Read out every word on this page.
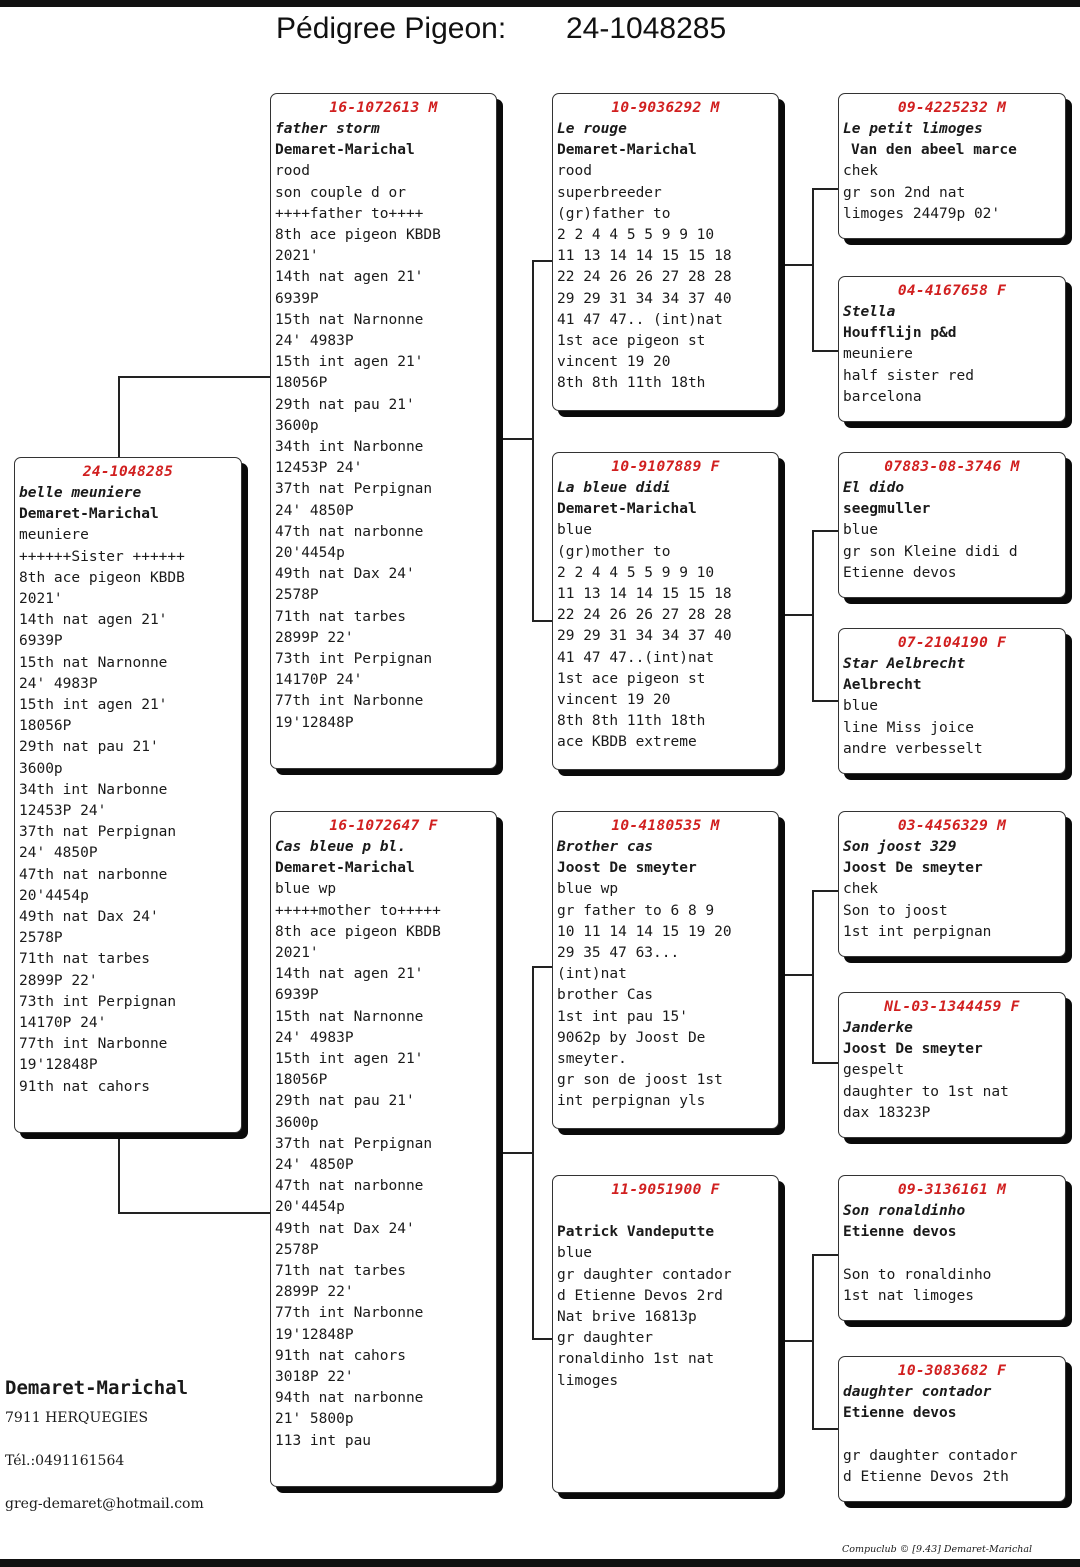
Pédigree Pigeon: 24-1048285
24-1048285
belle meuniere
Demaret-Marichal
meuniere
++++++Sister ++++++
8th ace pigeon KBDB
2021'
14th nat agen 21'
6939P
15th nat Narnonne
24' 4983P
15th int agen 21'
18056P
29th nat pau 21'
3600p
34th int Narbonne
12453P 24'
37th nat Perpignan
24' 4850P
47th nat narbonne
20'4454p
49th nat Dax 24'
2578P
71th nat tarbes
2899P 22'
73th int Perpignan
14170P 24'
77th int Narbonne
19'12848P
91th nat cahors
16-1072613 M
father storm
Demaret-Marichal
rood
son couple d or
++++father to++++
8th ace pigeon KBDB
2021'
14th nat agen 21'
6939P
15th nat Narnonne
24' 4983P
15th int agen 21'
18056P
29th nat pau 21'
3600p
34th int Narbonne
12453P 24'
37th nat Perpignan
24' 4850P
47th nat narbonne
20'4454p
49th nat Dax 24'
2578P
71th nat tarbes
2899P 22'
73th int Perpignan
14170P 24'
77th int Narbonne
19'12848P
16-1072647 F
Cas bleue p bl.
Demaret-Marichal
blue wp
+++++mother to+++++
8th ace pigeon KBDB
2021'
14th nat agen 21'
6939P
15th nat Narnonne
24' 4983P
15th int agen 21'
18056P
29th nat pau 21'
3600p
37th nat Perpignan
24' 4850P
47th nat narbonne
20'4454p
49th nat Dax 24'
2578P
71th nat tarbes
2899P 22'
77th int Narbonne
19'12848P
91th nat cahors
3018P 22'
94th nat narbonne
21' 5800p
113 int pau
10-9036292 M
Le rouge
Demaret-Marichal
rood
superbreeder
(gr)father to
2 2 4 4 5 5 9 9 10
11 13 14 14 15 15 18
22 24 26 26 27 28 28
29 29 31 34 34 37 40
41 47 47.. (int)nat
1st ace pigeon st
vincent 19 20
8th 8th 11th 18th
10-9107889 F
La bleue didi
Demaret-Marichal
blue
(gr)mother to
2 2 4 4 5 5 9 9 10
11 13 14 14 15 15 18
22 24 26 26 27 28 28
29 29 31 34 34 37 40
41 47 47..(int)nat
1st ace pigeon st
vincent 19 20
8th 8th 11th 18th
ace KBDB extreme
10-4180535 M
Brother cas
Joost De smeyter
blue wp
gr father to 6 8 9
10 11 14 14 15 19 20
29 35 47 63...
(int)nat
brother Cas
1st int pau 15'
9062p by Joost De
smeyter.
gr son de joost 1st
int perpignan yls
11-9051900 F
Patrick Vandeputte
blue
gr daughter contador
d Etienne Devos 2rd
Nat brive 16813p
gr daughter
ronaldinho 1st nat
limoges
09-4225232 M
Le petit limoges
Van den abeel marce
chek
gr son 2nd nat
limoges 24479p 02'
04-4167658 F
Stella
Houfflijn p&d
meuniere
half sister red
barcelona
07883-08-3746 M
El dido
seegmuller
blue
gr son Kleine didi d
Etienne devos
07-2104190 F
Star Aelbrecht
Aelbrecht
blue
line Miss joice
andre verbesselt
03-4456329 M
Son joost 329
Joost De smeyter
chek
Son to joost
1st int perpignan
NL-03-1344459 F
Janderke
Joost De smeyter
gespelt
daughter to 1st nat
dax 18323P
09-3136161 M
Son ronaldinho
Etienne devos
Son to ronaldinho
1st nat limoges
10-3083682 F
daughter contador
Etienne devos
gr daughter contador
d Etienne Devos 2th
Demaret-Marichal
7911 HERQUEGIES
Tél.:0491161564
greg-demaret@hotmail.com
Compuclub © [9.43] Demaret-Marichal
